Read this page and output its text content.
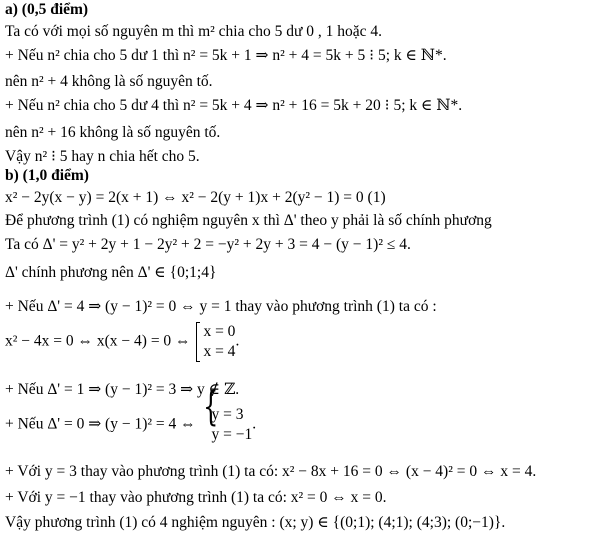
a) (0,5 điểm)
Ta có với mọi số nguyên m thì m² chia cho 5 dư 0 , 1 hoặc 4.
+ Nếu n² chia cho 5 dư 1 thì n² = 5k + 1 ⇒ n² + 4 = 5k + 5 ⁝ 5; k ∈ ℕ*.
nên n² + 4 không là số nguyên tố.
+ Nếu n² chia cho 5 dư 4 thì n² = 5k + 4 ⇒ n² + 16 = 5k + 20 ⁝ 5; k ∈ ℕ*.
nên n² + 16 không là số nguyên tố.
Vậy n² ⁝ 5 hay n chia hết cho 5.
b) (1,0 điểm)
x² − 2y(x − y) = 2(x + 1) ⇔ x² − 2(y + 1)x + 2(y² − 1) = 0 (1)
Để phương trình (1) có nghiệm nguyên x thì Δ' theo y phải là số chính phương
Ta có Δ' = y² + 2y + 1 − 2y² + 2 = −y² + 2y + 3 = 4 − (y − 1)² ≤ 4.
Δ' chính phương nên Δ' ∈ {0;1;4}
+ Nếu Δ' = 4 ⇒ (y − 1)² = 0 ⇔ y = 1 thay vào phương trình (1) ta có :
x² − 4x = 0 ⇔ x(x − 4) = 0 ⇔
x = 0
x = 4
.
+ Nếu Δ' = 1 ⇒ (y − 1)² = 3 ⇒ y ∉ ℤ.
+ Nếu Δ' = 0 ⇒ (y − 1)² = 4 ⇔
{ y = 3
y = −1
.
+ Với y = 3 thay vào phương trình (1) ta có: x² − 8x + 16 = 0 ⇔ (x − 4)² = 0 ⇔ x = 4.
+ Với y = −1 thay vào phương trình (1) ta có: x² = 0 ⇔ x = 0.
Vậy phương trình (1) có 4 nghiệm nguyên : (x; y) ∈ {(0;1); (4;1); (4;3); (0;−1)}.
